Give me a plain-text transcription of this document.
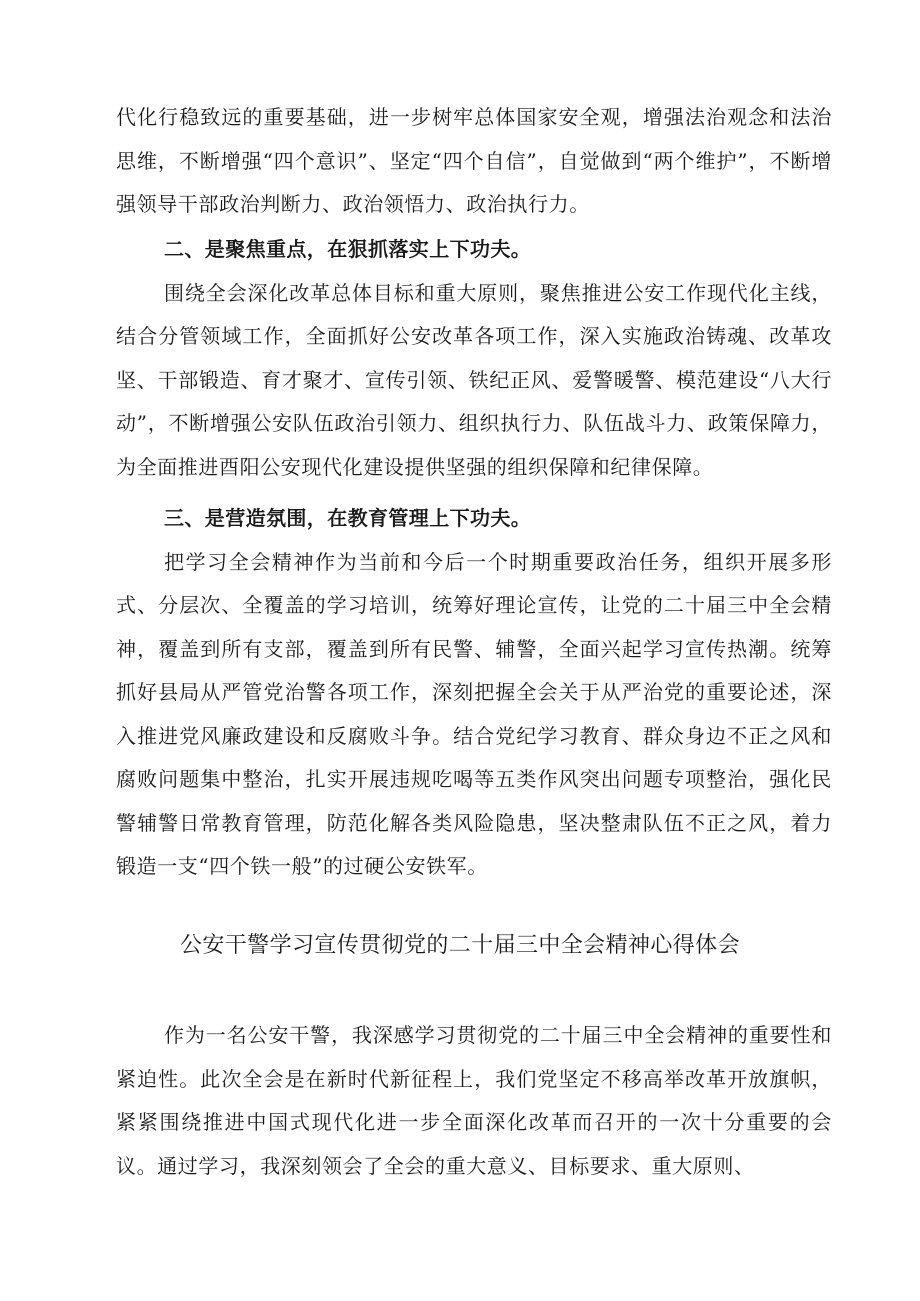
代化行稳致远的重要基础，进一步树牢总体国家安全观，增强法治观念和法治思维，不断增强“四个意识”、坚定“四个自信”，自觉做到“两个维护”，不断增强领导干部政治判断力、政治领悟力、政治执行力。

二、是聚焦重点，在狠抓落实上下功夫。

围绕全会深化改革总体目标和重大原则，聚焦推进公安工作现代化主线，结合分管领域工作，全面抓好公安改革各项工作，深入实施政治铸魂、改革攻坚、干部锻造、育才聚才、宣传引领、铁纪正风、爱警暖警、模范建设“八大行动”，不断增强公安队伍政治引领力、组织执行力、队伍战斗力、政策保障力，为全面推进酉阳公安现代化建设提供坚强的组织保障和纪律保障。

三、是营造氛围，在教育管理上下功夫。

把学习全会精神作为当前和今后一个时期重要政治任务，组织开展多形式、分层次、全覆盖的学习培训，统筹好理论宣传，让党的二十届三中全会精神，覆盖到所有支部，覆盖到所有民警、辅警，全面兴起学习宣传热潮。统筹抓好县局从严管党治警各项工作，深刻把握全会关于从严治党的重要论述，深入推进党风廉政建设和反腐败斗争。结合党纪学习教育、群众身边不正之风和腐败问题集中整治，扎实开展违规吃喝等五类作风突出问题专项整治，强化民警辅警日常教育管理，防范化解各类风险隐患，坚决整肃队伍不正之风，着力锻造一支“四个铁一般”的过硬公安铁军。

公安干警学习宣传贯彻党的二十届三中全会精神心得体会

作为一名公安干警，我深感学习贯彻党的二十届三中全会精神的重要性和紧迫性。此次全会是在新时代新征程上，我们党坚定不移高举改革开放旗帜，紧紧围绕推进中国式现代化进一步全面深化改革而召开的一次十分重要的会议。通过学习，我深刻领会了全会的重大意义、目标要求、重大原则、
